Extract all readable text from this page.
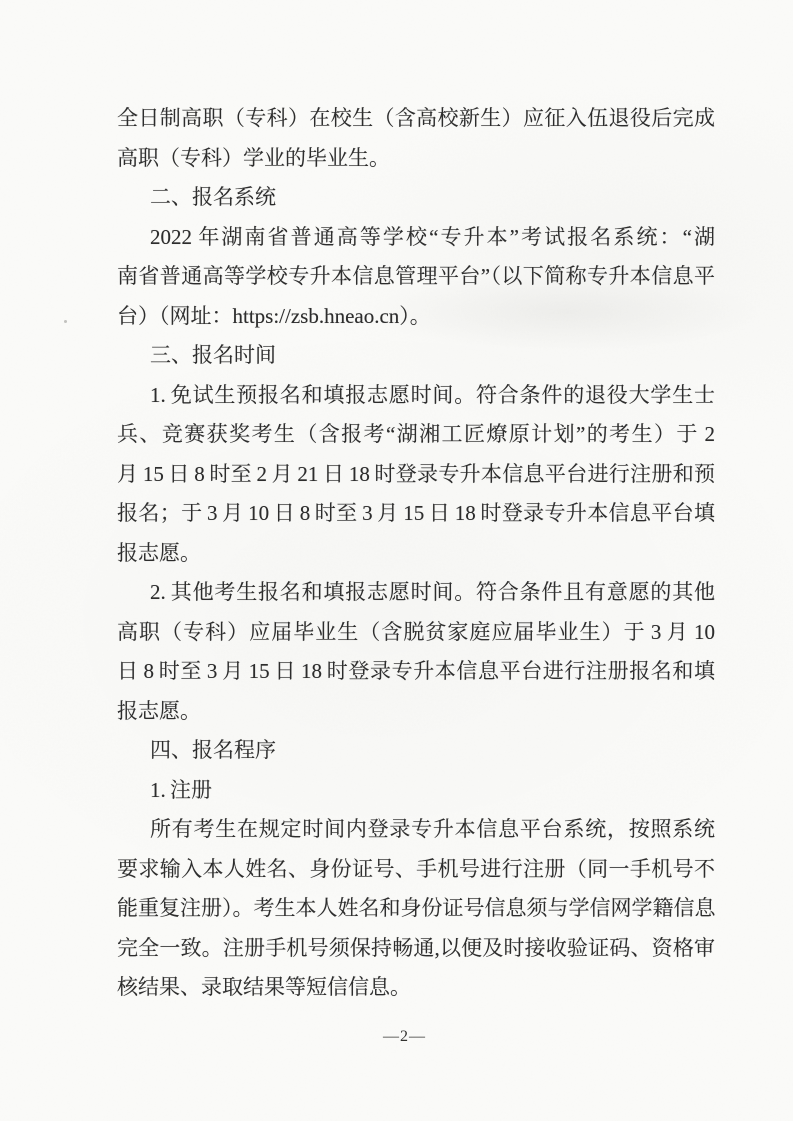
全日制高职（专科）在校生（含高校新生）应征入伍退役后完成
高职（专科）学业的毕业生。
二、报名系统
2022 年湖南省普通高等学校“专升本”考试报名系统：“湖
南省普通高等学校专升本信息管理平台”（以下简称专升本信息平
台）（网址：https://zsb.hneao.cn）。
三、报名时间
1. 免试生预报名和填报志愿时间。符合条件的退役大学生士
兵、竞赛获奖考生（含报考“湖湘工匠燎原计划”的考生）于 2
月 15 日 8 时至 2 月 21 日 18 时登录专升本信息平台进行注册和预
报名；于 3 月 10 日 8 时至 3 月 15 日 18 时登录专升本信息平台填
报志愿。
2. 其他考生报名和填报志愿时间。符合条件且有意愿的其他
高职（专科）应届毕业生（含脱贫家庭应届毕业生）于 3 月 10
日 8 时至 3 月 15 日 18 时登录专升本信息平台进行注册报名和填
报志愿。
四、报名程序
1. 注册
所有考生在规定时间内登录专升本信息平台系统，按照系统
要求输入本人姓名、身份证号、手机号进行注册（同一手机号不
能重复注册）。考生本人姓名和身份证号信息须与学信网学籍信息
完全一致。注册手机号须保持畅通,以便及时接收验证码、资格审
核结果、录取结果等短信信息。
—2—
